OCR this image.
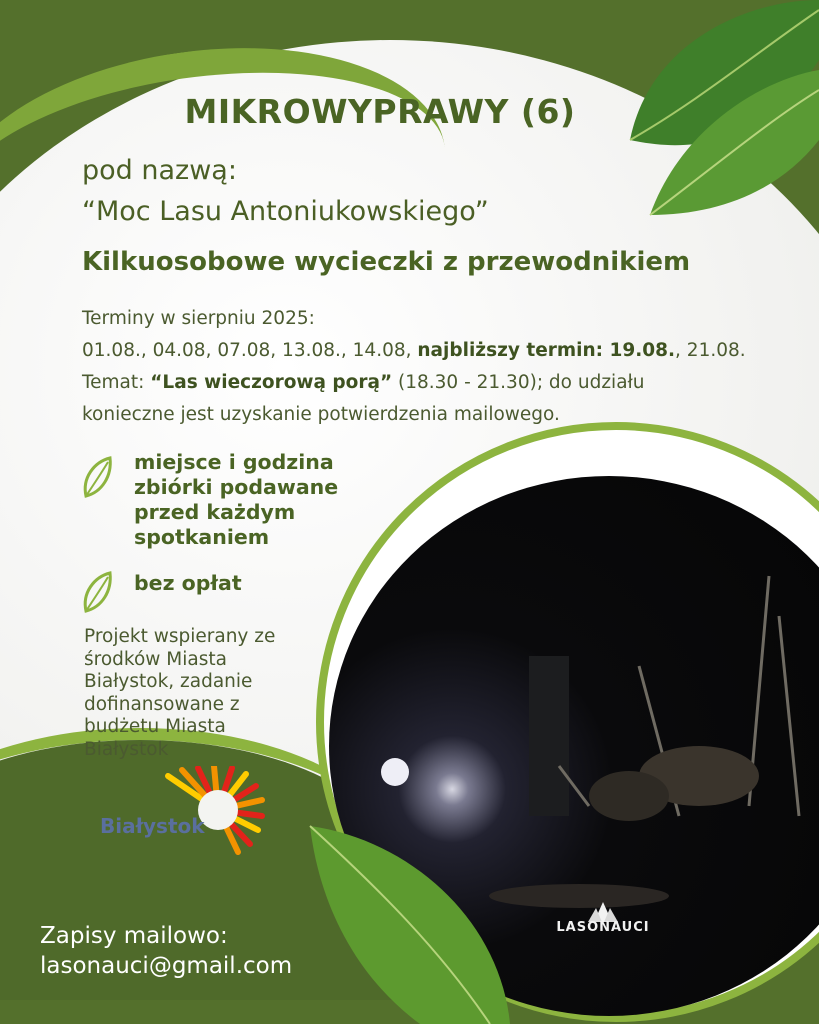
MIKROWYPRAWY (6)
pod nazwą:
“Moc Lasu Antoniukowskiego”
Kilkuosobowe wycieczki z przewodnikiem
Terminy w sierpniu 2025:
01.08., 04.08, 07.08, 13.08., 14.08, najbliższy termin: 19.08., 21.08.
Temat: “Las wieczorową porą” (18.30 - 21.30); do udziału
konieczne jest uzyskanie potwierdzenia mailowego.
miejsce i godzina zbiórki podawane przed każdym spotkaniem
bez opłat
Projekt wspierany ze środków Miasta Białystok, zadanie dofinansowane z budżetu Miasta Białystok
Białystok
LASONAUCI
Zapisy mailowo:
lasonauci@gmail.com
